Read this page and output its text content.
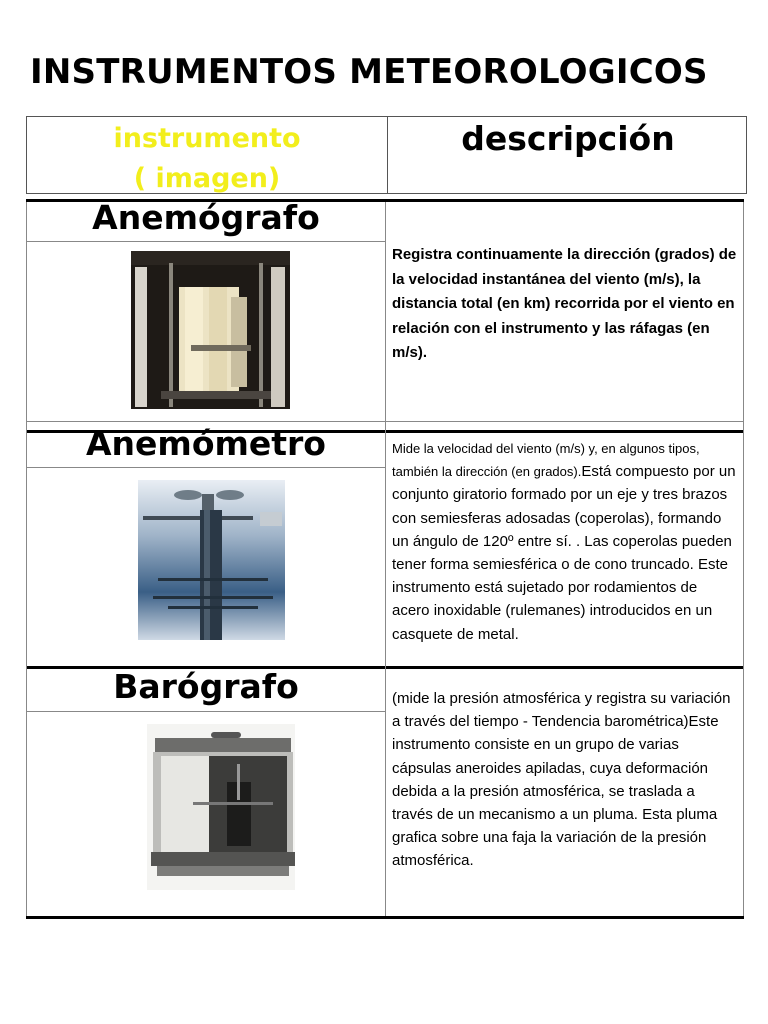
INSTRUMENTOS METEOROLOGICOS
instrumento
( imagen)
descripción
Anemógrafo
Registra continuamente la dirección (grados) de la velocidad instantánea del viento (m/s), la distancia total (en km) recorrida por el viento en relación con el instrumento y las ráfagas (en m/s).
Anemómetro	Mide la velocidad del viento (m/s) y, en algunos tipos, también la dirección (en grados).Está compuesto por un conjunto giratorio formado por un eje y tres brazos con semiesferas adosadas (coperolas), formando un ángulo de 120º entre sí. . Las coperolas pueden tener forma semiesférica o de cono truncado. Este instrumento está sujetado por rodamientos de acero inoxidable (rulemanes) introducidos en un casquete de metal.
Barógrafo	(mide la presión atmosférica y registra su variación a través del tiempo - Tendencia barométrica)Este instrumento consiste en un grupo de varias cápsulas aneroides apiladas, cuya deformación debida a la presión atmosférica, se traslada a través de un mecanismo a un pluma. Esta pluma grafica sobre una faja la variación de la presión atmosférica.
